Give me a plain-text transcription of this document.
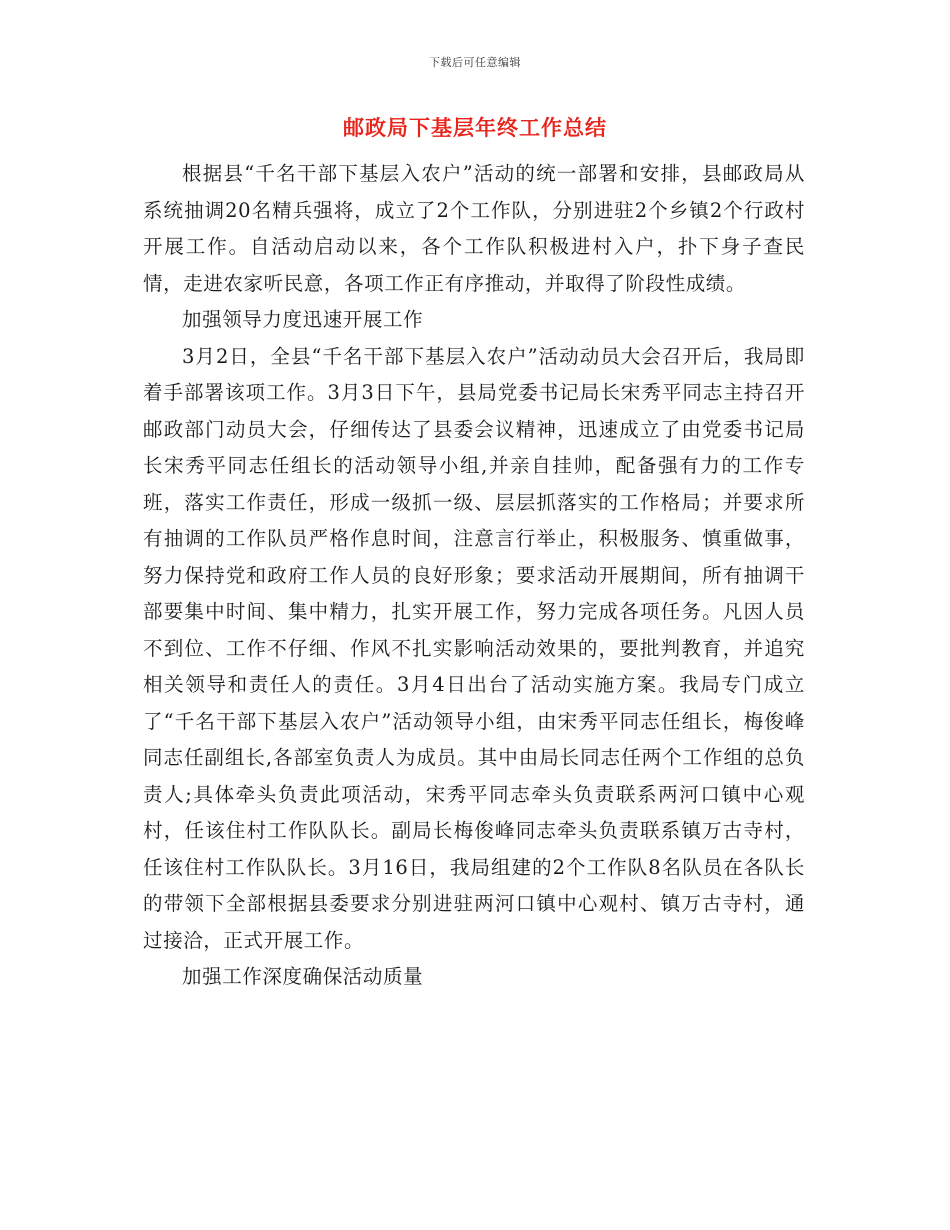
下载后可任意编辑
邮政局下基层年终工作总结

根据县“千名干部下基层入农户”活动的统一部署和安排，县邮政局从系统抽调20名精兵强将，成立了2个工作队，分别进驻2个乡镇2个行政村开展工作。自活动启动以来，各个工作队积极进村入户，扑下身子查民情，走进农家听民意，各项工作正有序推动，并取得了阶段性成绩。

加强领导力度迅速开展工作

3月2日，全县“千名干部下基层入农户”活动动员大会召开后，我局即着手部署该项工作。3月3日下午，县局党委书记局长宋秀平同志主持召开邮政部门动员大会，仔细传达了县委会议精神，迅速成立了由党委书记局长宋秀平同志任组长的活动领导小组,并亲自挂帅，配备强有力的工作专班，落实工作责任，形成一级抓一级、层层抓落实的工作格局；并要求所有抽调的工作队员严格作息时间，注意言行举止，积极服务、慎重做事，努力保持党和政府工作人员的良好形象；要求活动开展期间，所有抽调干部要集中时间、集中精力，扎实开展工作，努力完成各项任务。凡因人员不到位、工作不仔细、作风不扎实影响活动效果的，要批判教育，并追究相关领导和责任人的责任。3月4日出台了活动实施方案。我局专门成立了“千名干部下基层入农户”活动领导小组，由宋秀平同志任组长，梅俊峰同志任副组长,各部室负责人为成员。其中由局长同志任两个工作组的总负责人;具体牵头负责此项活动，宋秀平同志牵头负责联系两河口镇中心观村，任该住村工作队队长。副局长梅俊峰同志牵头负责联系镇万古寺村，任该住村工作队队长。3月16日，我局组建的2个工作队8名队员在各队长的带领下全部根据县委要求分别进驻两河口镇中心观村、镇万古寺村，通过接洽，正式开展工作。

加强工作深度确保活动质量
